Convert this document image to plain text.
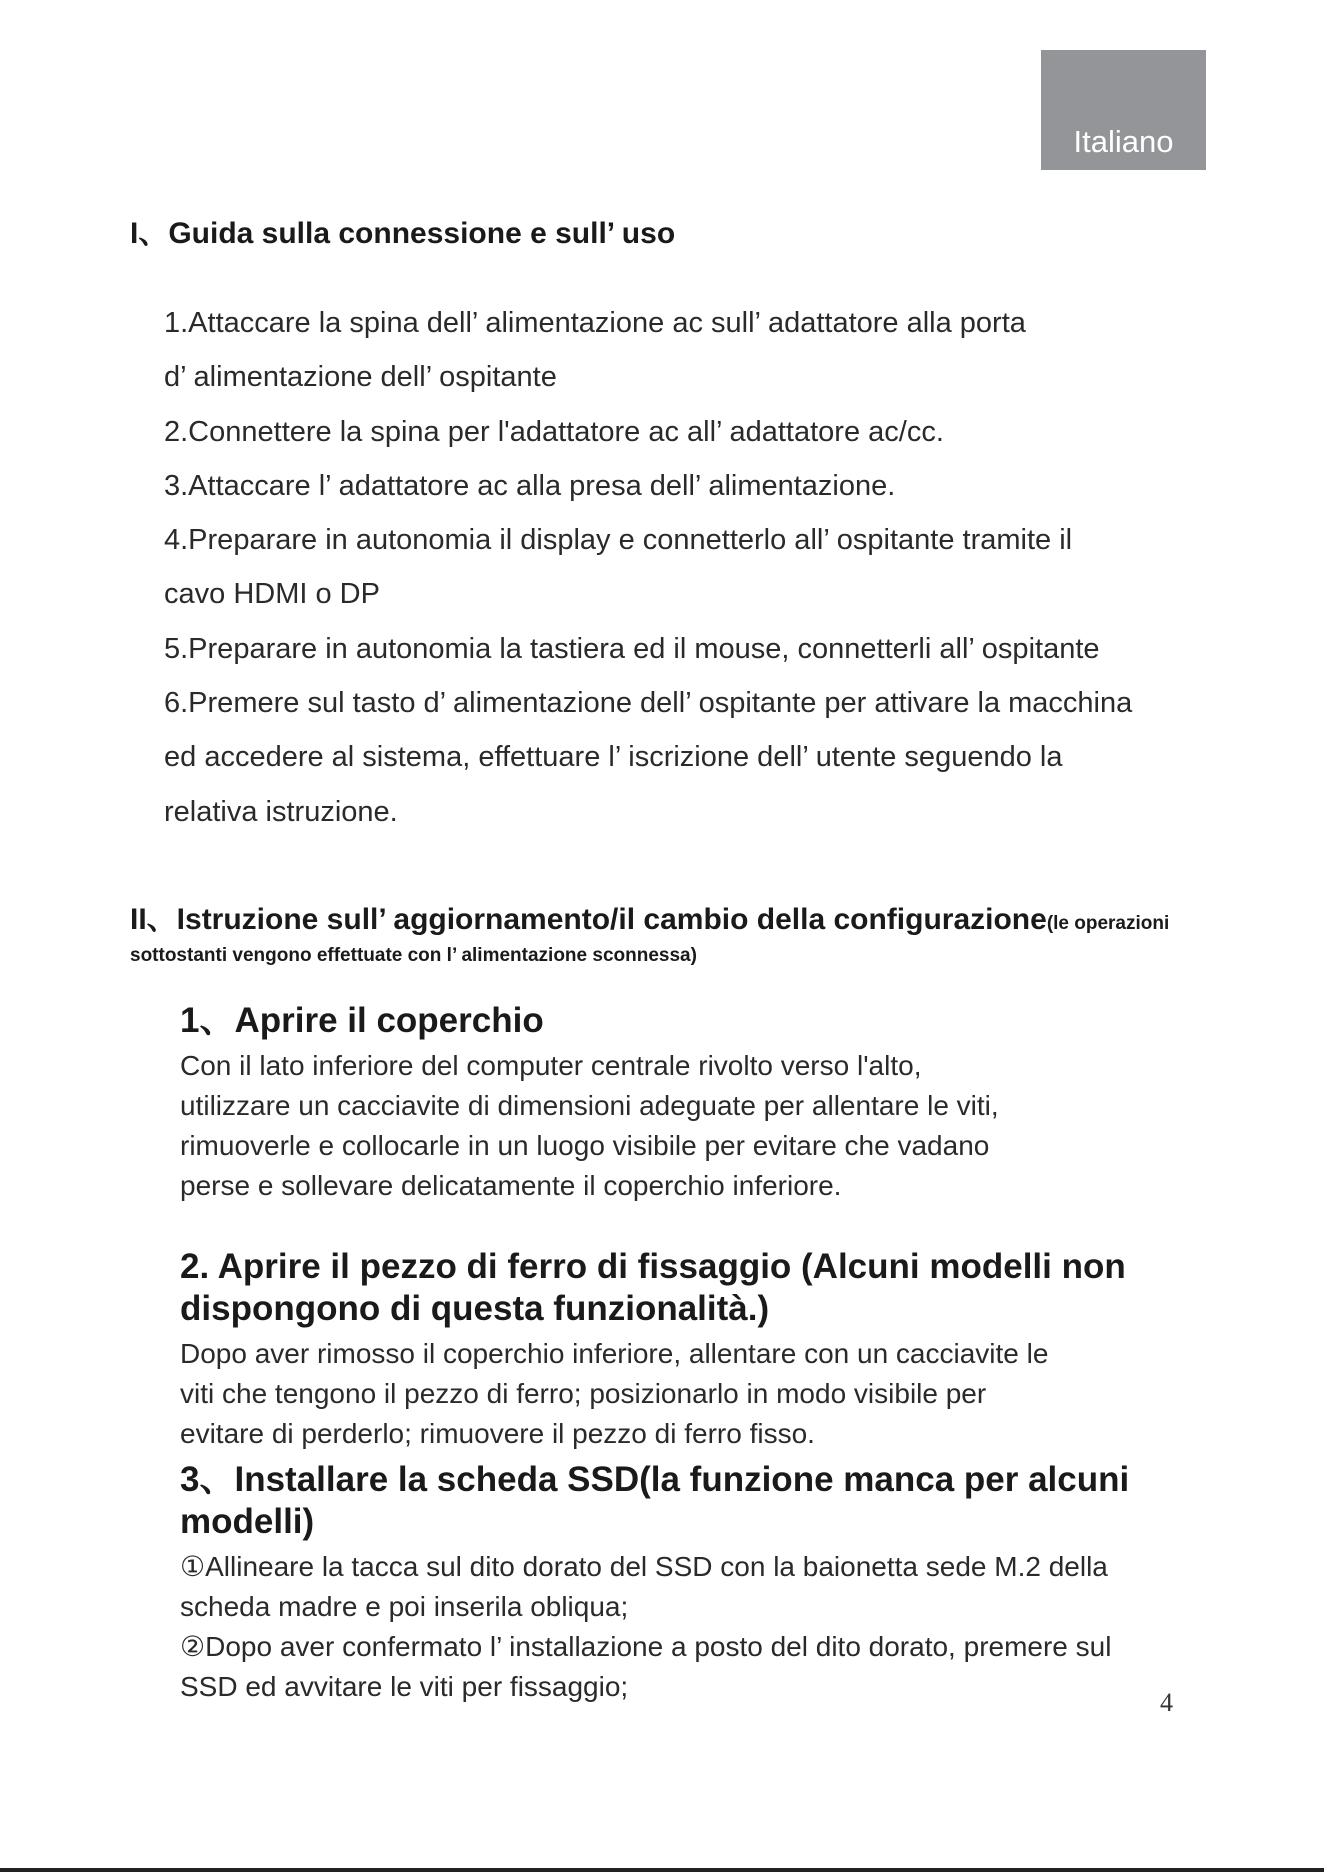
Italiano
I、Guida sulla connessione e sull’ uso
1.Attaccare la spina dell’ alimentazione ac sull’ adattatore alla porta
d’ alimentazione dell’ ospitante
2.Connettere la spina per l'adattatore ac all’ adattatore ac/cc.
3.Attaccare l’ adattatore ac alla presa dell’ alimentazione.
4.Preparare in autonomia il display e connetterlo all’ ospitante tramite il
cavo HDMI o DP
5.Preparare in autonomia la tastiera ed il mouse, connetterli all’ ospitante
6.Premere sul tasto d’ alimentazione dell’ ospitante per attivare la macchina
ed accedere al sistema, effettuare l’ iscrizione dell’ utente seguendo la
relativa istruzione.
II、Istruzione sull’ aggiornamento/il cambio della configurazione(le operazioni
sottostanti vengono effettuate con l’ alimentazione sconnessa)
1、Aprire il coperchio
Con il lato inferiore del computer centrale rivolto verso l'alto,
utilizzare un cacciavite di dimensioni adeguate per allentare le viti,
rimuoverle e collocarle in un luogo visibile per evitare che vadano
perse e sollevare delicatamente il coperchio inferiore.
2. Aprire il pezzo di ferro di fissaggio (Alcuni modelli non dispongono di questa funzionalità.)
Dopo aver rimosso il coperchio inferiore, allentare con un cacciavite le
viti che tengono il pezzo di ferro; posizionarlo in modo visibile per
evitare di perderlo; rimuovere il pezzo di ferro fisso.
3、Installare la scheda SSD(la funzione manca per alcuni modelli)
①Allineare la tacca sul dito dorato del SSD con la baionetta sede M.2 della
scheda madre e poi inserila obliqua;
②Dopo aver confermato l’ installazione a posto del dito dorato, premere sul
SSD ed avvitare le viti per fissaggio;
4
